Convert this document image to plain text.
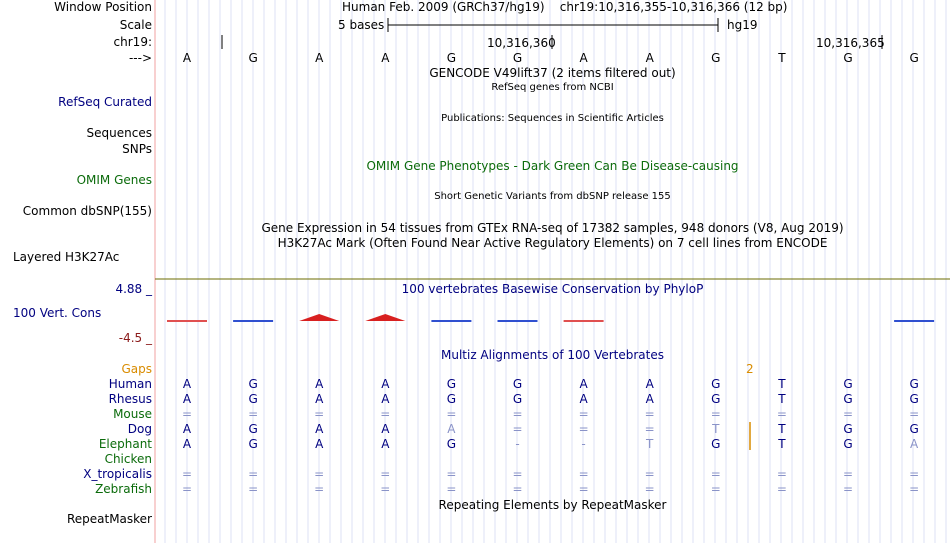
Window Position	Human Feb. 2009 (GRCh37/hg19)    chr19:10,316,355-10,316,366 (12 bp)
Scale	5 bases	hg19
chr19:	10,316,360	10,316,365
--->	A	G	A	A	G	G	A	A	G	T	G	G
GENCODE V49lift37 (2 items filtered out)
RefSeq genes from NCBI
RefSeq Curated
Publications: Sequences in Scientific Articles
Sequences
SNPs
OMIM Gene Phenotypes - Dark Green Can Be Disease-causing
OMIM Genes
Short Genetic Variants from dbSNP release 155
Common dbSNP(155)
Gene Expression in 54 tissues from GTEx RNA-seq of 17382 samples, 948 donors (V8, Aug 2019)
H3K27Ac Mark (Often Found Near Active Regulatory Elements) on 7 cell lines from ENCODE
Layered H3K27Ac
4.88 _	100 vertebrates Basewise Conservation by PhyloP
100 Vert. Cons
-4.5 _
Multiz Alignments of 100 Vertebrates
Gaps	2
Human	A	G	A	A	G	G	A	A	G	T	G	G
Rhesus	A	G	A	A	G	G	A	A	G	T	G	G
Mouse	=	=	=	=	=	=	=	=	=	=	=	=
Dog	A	G	A	A	A	=	=	=	T	T	G	G
Elephant	A	G	A	A	G	-	-	T	G	T	G	A
Chicken
X_tropicalis	=	=	=	=	=	=	=	=	=	=	=	=
Zebrafish	=	=	=	=	=	=	=	=	=	=	=	=
Repeating Elements by RepeatMasker
RepeatMasker
